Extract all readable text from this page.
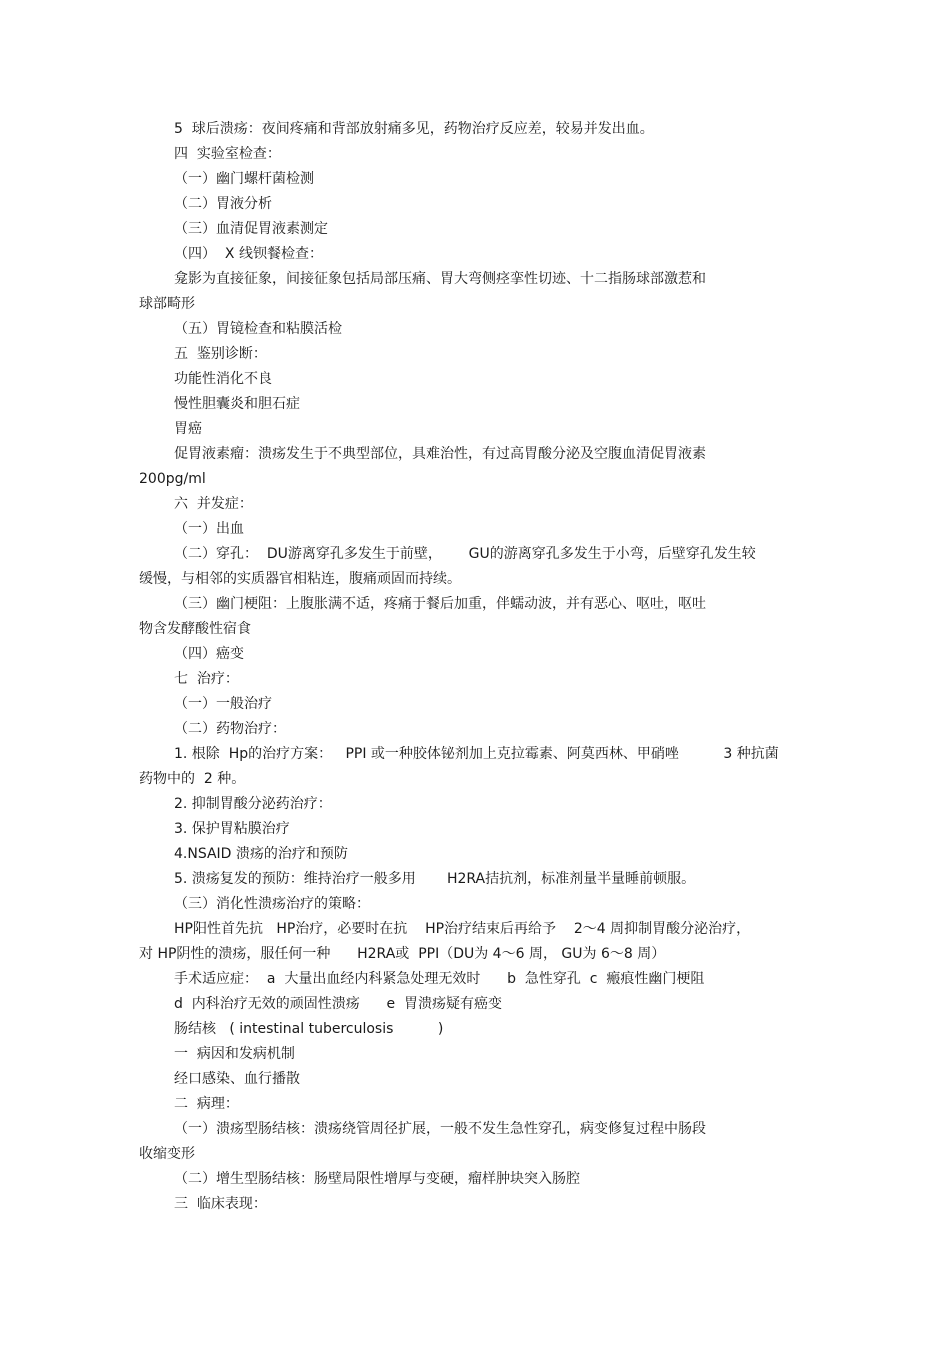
5  球后溃疡：夜间疼痛和背部放射痛多见，药物治疗反应差，较易并发出血。
四  实验室检查：
（一）幽门螺杆菌检测
（二）胃液分析
（三）血清促胃液素测定
（四）  X 线钡餐检查：
龛影为直接征象，间接征象包括局部压痛、胃大弯侧痉挛性切迹、十二指肠球部激惹和
球部畸形
（五）胃镜检查和粘膜活检
五  鉴别诊断：
功能性消化不良
慢性胆囊炎和胆石症
胃癌
促胃液素瘤：溃疡发生于不典型部位，具难治性，有过高胃酸分泌及空腹血清促胃液素
200pg/ml
六  并发症：
（一）出血
（二）穿孔：  DU游离穿孔多发生于前壁，      GU的游离穿孔多发生于小弯，后壁穿孔发生较
缓慢，与相邻的实质器官相粘连，腹痛顽固而持续。
（三）幽门梗阻：上腹胀满不适，疼痛于餐后加重，伴蠕动波，并有恶心、呕吐，呕吐
物含发酵酸性宿食
（四）癌变
七  治疗：
（一）一般治疗
（二）药物治疗：
1. 根除  Hp的治疗方案：   PPI 或一种胶体铋剂加上克拉霉素、阿莫西林、甲硝唑          3 种抗菌
药物中的  2 种。
2. 抑制胃酸分泌药治疗：
3. 保护胃粘膜治疗
4.NSAID 溃疡的治疗和预防
5. 溃疡复发的预防：维持治疗一般多用       H2RA拮抗剂，标准剂量半量睡前顿服。
（三）消化性溃疡治疗的策略：
HP阳性首先抗   HP治疗，必要时在抗    HP治疗结束后再给予    2～4 周抑制胃酸分泌治疗，
对 HP阴性的溃疡，服任何一种      H2RA或  PPI（DU为 4～6 周， GU为 6～8 周）
手术适应症：  a  大量出血经内科紧急处理无效时      b  急性穿孔  c  瘢痕性幽门梗阻
d  内科治疗无效的顽固性溃疡      e  胃溃疡疑有癌变
肠结核   ( intestinal tuberculosis          )
一  病因和发病机制
经口感染、血行播散
二  病理：
（一）溃疡型肠结核：溃疡绕管周径扩展，一般不发生急性穿孔，病变修复过程中肠段
收缩变形
（二）增生型肠结核：肠壁局限性增厚与变硬，瘤样肿块突入肠腔
三  临床表现：
